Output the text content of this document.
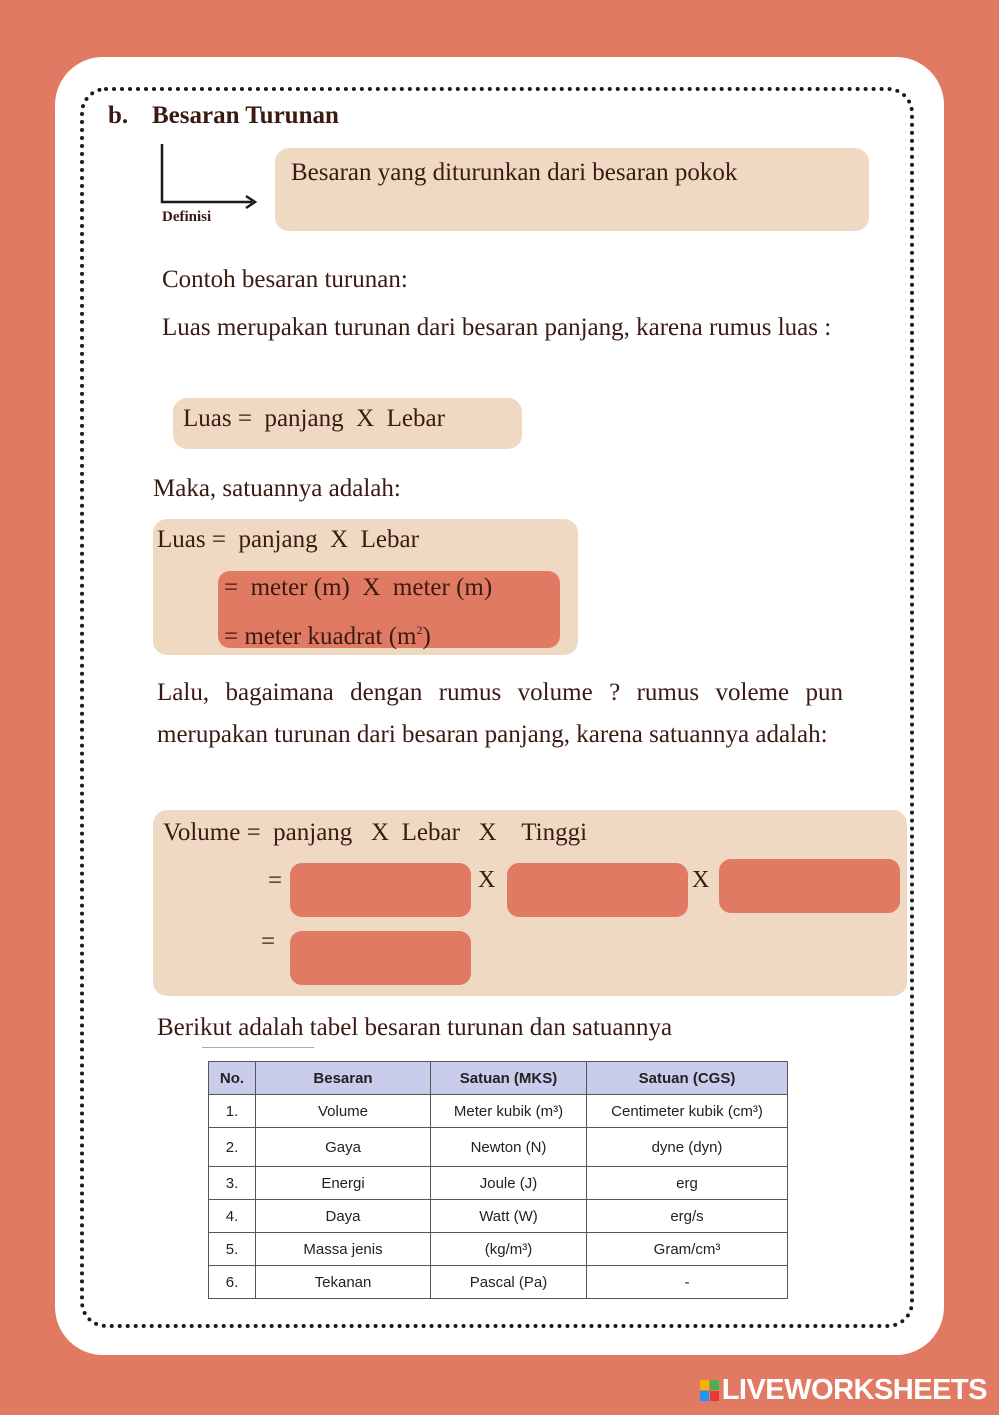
b. Besaran Turunan
Definisi
Besaran yang diturunkan dari besaran pokok
Contoh besaran turunan:
Luas merupakan turunan dari besaran panjang, karena rumus luas :
Luas =  panjang  X  Lebar
Maka, satuannya adalah:
Luas =  panjang  X  Lebar
=  meter (m)  X  meter (m)
= meter kuadrat $(m^2)$
Lalu, bagaimana dengan rumus volume ? rumus voleme pun merupakan turunan dari besaran panjang, karena satuannya adalah:
Volume =  panjang   X  Lebar   X    Tinggi
=	X	X
=
Berikut adalah tabel besaran turunan dan satuannya
No.	Besaran	Satuan (MKS)	Satuan (CGS)
1.	Volume	Meter kubik (m³)	Centimeter kubik (cm³)
2.	Gaya	Newton (N)	dyne (dyn)
3.	Energi	Joule (J)	erg
4.	Daya	Watt (W)	erg/s
5.	Massa jenis	(kg/m³)	Gram/cm³
6.	Tekanan	Pascal (Pa)	-
LIVEWORKSHEETS
